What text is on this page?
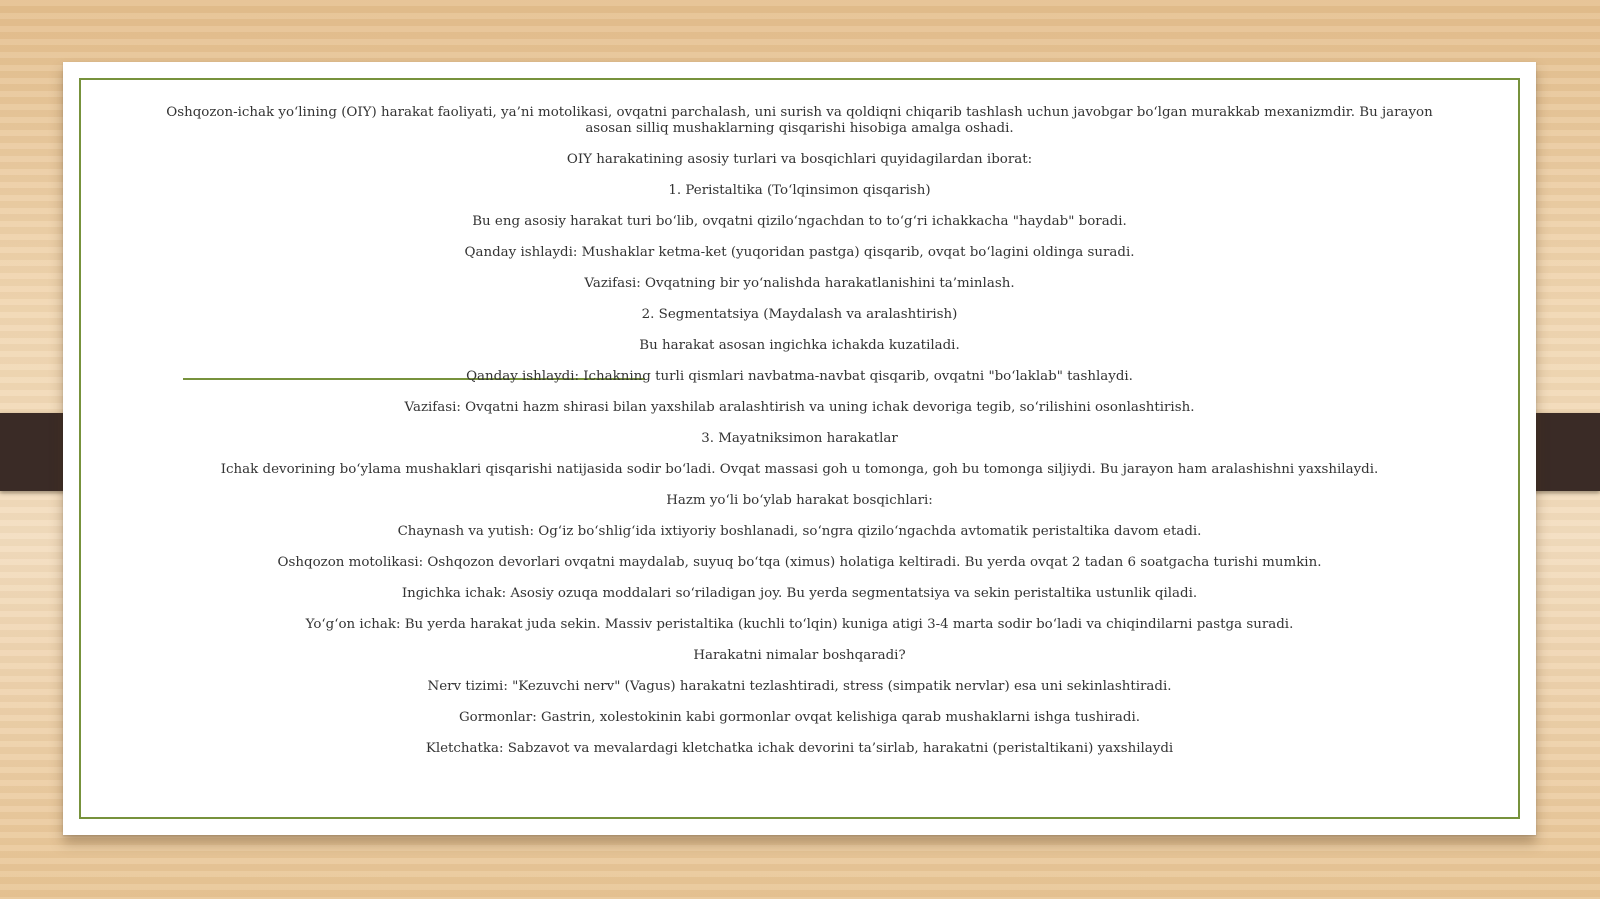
Oshqozon-ichak yo‘lining (OIY) harakat faoliyati, ya’ni motolikasi, ovqatni parchalash, uni surish va qoldiqni chiqarib tashlash uchun javobgar bo‘lgan murakkab mexanizmdir. Bu jarayon asosan silliq mushaklarning qisqarishi hisobiga amalga oshadi.

OIY harakatining asosiy turlari va bosqichlari quyidagilardan iborat:

1. Peristaltika (To‘lqinsimon qisqarish)

Bu eng asosiy harakat turi bo‘lib, ovqatni qizilo‘ngachdan to to‘g‘ri ichakkacha "haydab" boradi.

Qanday ishlaydi: Mushaklar ketma-ket (yuqoridan pastga) qisqarib, ovqat bo‘lagini oldinga suradi.

Vazifasi: Ovqatning bir yo‘nalishda harakatlanishini ta’minlash.

2. Segmentatsiya (Maydalash va aralashtirish)

Bu harakat asosan ingichka ichakda kuzatiladi.

Qanday ishlaydi: Ichakning turli qismlari navbatma-navbat qisqarib, ovqatni "bo‘laklab" tashlaydi.

Vazifasi: Ovqatni hazm shirasi bilan yaxshilab aralashtirish va uning ichak devoriga tegib, so‘rilishini osonlashtirish.

3. Mayatniksimon harakatlar

Ichak devorining bo‘ylama mushaklari qisqarishi natijasida sodir bo‘ladi. Ovqat massasi goh u tomonga, goh bu tomonga siljiydi. Bu jarayon ham aralashishni yaxshilaydi.

Hazm yo‘li bo‘ylab harakat bosqichlari:

Chaynash va yutish: Og‘iz bo‘shlig‘ida ixtiyoriy boshlanadi, so‘ngra qizilo‘ngachda avtomatik peristaltika davom etadi.

Oshqozon motolikasi: Oshqozon devorlari ovqatni maydalab, suyuq bo‘tqa (ximus) holatiga keltiradi. Bu yerda ovqat 2 tadan 6 soatgacha turishi mumkin.

Ingichka ichak: Asosiy ozuqa moddalari so‘riladigan joy. Bu yerda segmentatsiya va sekin peristaltika ustunlik qiladi.

Yo‘g‘on ichak: Bu yerda harakat juda sekin. Massiv peristaltika (kuchli to‘lqin) kuniga atigi 3-4 marta sodir bo‘ladi va chiqindilarni pastga suradi.

Harakatni nimalar boshqaradi?

Nerv tizimi: "Kezuvchi nerv" (Vagus) harakatni tezlashtiradi, stress (simpatik nervlar) esa uni sekinlashtiradi.

Gormonlar: Gastrin, xolestokinin kabi gormonlar ovqat kelishiga qarab mushaklarni ishga tushiradi.

Kletchatka: Sabzavot va mevalardagi kletchatka ichak devorini ta’sirlab, harakatni (peristaltikani) yaxshilaydi
